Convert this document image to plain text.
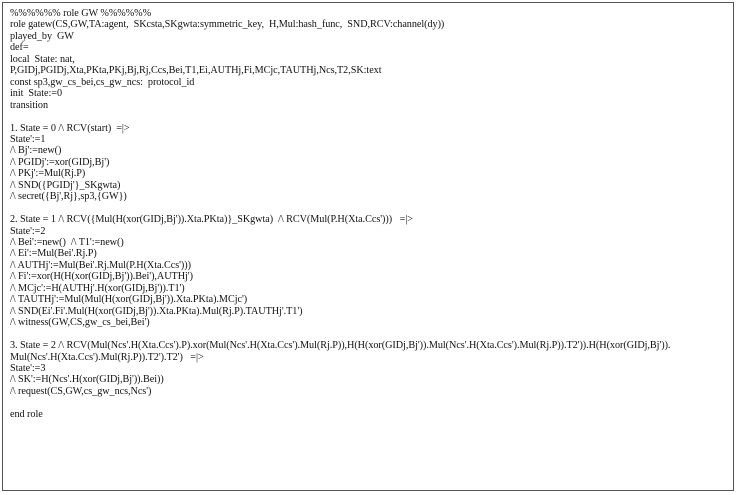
%%%%%% role GW %%%%%%
role gatew(CS,GW,TA:agent,  SKcsta,SKgwta:symmetric_key,  H,Mul:hash_func,  SND,RCV:channel(dy))
played_by  GW
def=
local  State: nat,
P,GIDj,PGIDj,Xta,PKta,PKj,Bj,Rj,Ccs,Bei,T1,Ei,AUTHj,Fi,MCjc,TAUTHj,Ncs,T2,SK:text
const sp3,gw_cs_bei,cs_gw_ncs:  protocol_id
init  State:=0
transition
1. State = 0 /\ RCV(start)  =|>
State':=1
/\ Bj':=new()
/\ PGIDj':=xor(GIDj,Bj')
/\ PKj':=Mul(Rj.P)
/\ SND({PGIDj'}_SKgwta)
/\ secret({Bj',Rj},sp3,{GW})
2. State = 1 /\ RCV({Mul(H(xor(GIDj,Bj')).Xta.PKta)}_SKgwta)  /\ RCV(Mul(P.H(Xta.Ccs')))   =|>
State':=2
/\ Bei':=new()  /\ T1':=new()
/\ Ei':=Mul(Bei'.Rj.P)
/\ AUTHj':=Mul(Bei'.Rj.Mul(P.H(Xta.Ccs')))
/\ Fi':=xor(H(H(xor(GIDj,Bj')).Bei'),AUTHj')
/\ MCjc':=H(AUTHj'.H(xor(GIDj,Bj')).T1')
/\ TAUTHj':=Mul(Mul(H(xor(GIDj,Bj')).Xta.PKta).MCjc')
/\ SND(Ei'.Fi'.Mul(H(xor(GIDj,Bj')).Xta.PKta).Mul(Rj.P).TAUTHj'.T1')
/\ witness(GW,CS,gw_cs_bei,Bei')
3. State = 2 /\ RCV(Mul(Ncs'.H(Xta.Ccs').P).xor(Mul(Ncs'.H(Xta.Ccs').Mul(Rj.P)),H(H(xor(GIDj,Bj')).Mul(Ncs'.H(Xta.Ccs').Mul(Rj.P)).T2')).H(H(xor(GIDj,Bj')).
Mul(Ncs'.H(Xta.Ccs').Mul(Rj.P)).T2').T2')   =|>
State':=3
/\ SK':=H(Ncs'.H(xor(GIDj,Bj')).Bei))
/\ request(CS,GW,cs_gw_ncs,Ncs')
end role
